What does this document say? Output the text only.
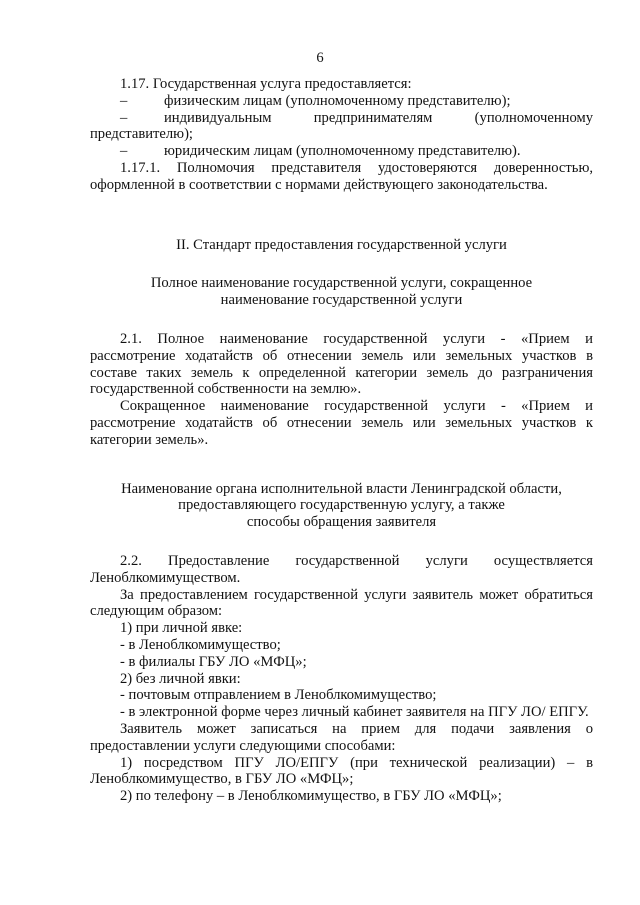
6

1.17. Государственная услуга предоставляется:

–	физическим лицам (уполномоченному представителю);
–	индивидуальным предпринимателям (уполномоченному

представителю);

–	юридическим лицам (уполномоченному представителю).

1.17.1. Полномочия представителя удостоверяются доверенностью, оформленной в соответствии с нормами действующего законодательства.

II. Стандарт предоставления государственной услуги

Полное наименование государственной услуги, сокращенное

наименование государственной услуги

2.1. Полное наименование государственной услуги - «Прием и рассмотрение ходатайств об отнесении земель или земельных участков в составе таких земель к определенной категории земель до разграничения государственной собственности на землю».

Сокращенное наименование государственной услуги - «Прием и рассмотрение ходатайств об отнесении земель или земельных участков к категории земель».

Наименование органа исполнительной власти Ленинградской области,

предоставляющего государственную услугу, а также

способы обращения заявителя

2.2. Предоставление государственной услуги осуществляется Леноблкомимуществом.

За предоставлением государственной услуги заявитель может обратиться следующим образом:

1) при личной явке:

- в Леноблкомимущество;

- в филиалы ГБУ ЛО «МФЦ»;

2) без личной явки:

- почтовым отправлением в Леноблкомимущество;

- в электронной форме через личный кабинет заявителя на ПГУ ЛО/ ЕПГУ.

Заявитель может записаться на прием для подачи заявления о предоставлении услуги следующими способами:

1) посредством ПГУ ЛО/ЕПГУ (при технической реализации) – в Леноблкомимущество, в ГБУ ЛО «МФЦ»;

2) по телефону – в Леноблкомимущество, в ГБУ ЛО «МФЦ»;
